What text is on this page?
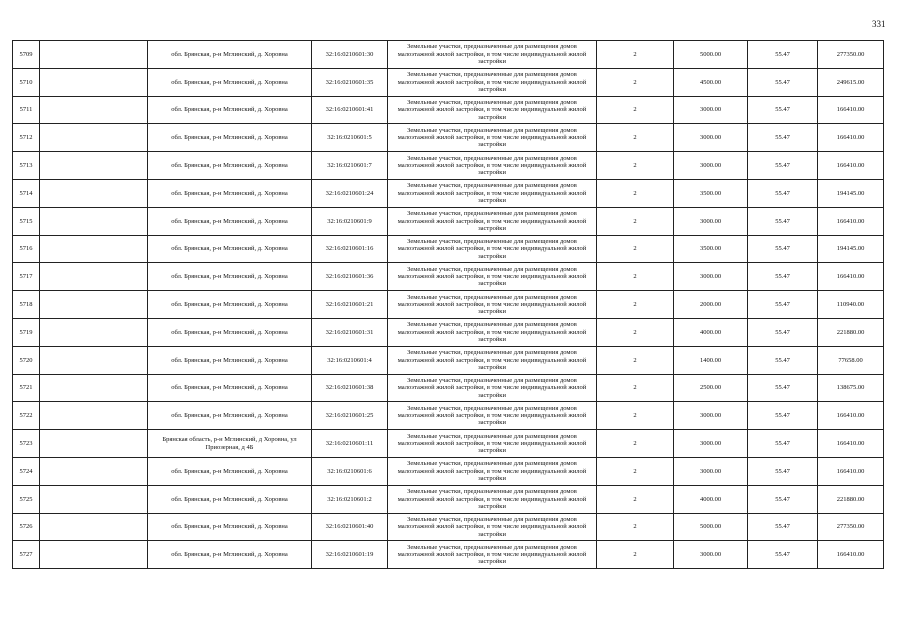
331
5709		обл. Брянская, р-н Мглинский, д. Хоровна	32:16:0210601:30	Земельные участки, предназначенные для размещения домов малоэтажной жилой застройки, в том числе индивидуальной жилой застройки	2	5000.00	55.47	277350.00
5710		обл. Брянская, р-н Мглинский, д. Хоровна	32:16:0210601:35	Земельные участки, предназначенные для размещения домов малоэтажной жилой застройки, в том числе индивидуальной жилой застройки	2	4500.00	55.47	249615.00
5711		обл. Брянская, р-н Мглинский, д. Хоровна	32:16:0210601:41	Земельные участки, предназначенные для размещения домов малоэтажной жилой застройки, в том числе индивидуальной жилой застройки	2	3000.00	55.47	166410.00
5712		обл. Брянская, р-н Мглинский, д. Хоровна	32:16:0210601:5	Земельные участки, предназначенные для размещения домов малоэтажной жилой застройки, в том числе индивидуальной жилой застройки	2	3000.00	55.47	166410.00
5713		обл. Брянская, р-н Мглинский, д. Хоровна	32:16:0210601:7	Земельные участки, предназначенные для размещения домов малоэтажной жилой застройки, в том числе индивидуальной жилой застройки	2	3000.00	55.47	166410.00
5714		обл. Брянская, р-н Мглинский, д. Хоровна	32:16:0210601:24	Земельные участки, предназначенные для размещения домов малоэтажной жилой застройки, в том числе индивидуальной жилой застройки	2	3500.00	55.47	194145.00
5715		обл. Брянская, р-н Мглинский, д. Хоровна	32:16:0210601:9	Земельные участки, предназначенные для размещения домов малоэтажной жилой застройки, в том числе индивидуальной жилой застройки	2	3000.00	55.47	166410.00
5716		обл. Брянская, р-н Мглинский, д. Хоровна	32:16:0210601:16	Земельные участки, предназначенные для размещения домов малоэтажной жилой застройки, в том числе индивидуальной жилой застройки	2	3500.00	55.47	194145.00
5717		обл. Брянская, р-н Мглинский, д. Хоровна	32:16:0210601:36	Земельные участки, предназначенные для размещения домов малоэтажной жилой застройки, в том числе индивидуальной жилой застройки	2	3000.00	55.47	166410.00
5718		обл. Брянская, р-н Мглинский, д. Хоровна	32:16:0210601:21	Земельные участки, предназначенные для размещения домов малоэтажной жилой застройки, в том числе индивидуальной жилой застройки	2	2000.00	55.47	110940.00
5719		обл. Брянская, р-н Мглинский, д. Хоровна	32:16:0210601:31	Земельные участки, предназначенные для размещения домов малоэтажной жилой застройки, в том числе индивидуальной жилой застройки	2	4000.00	55.47	221880.00
5720		обл. Брянская, р-н Мглинский, д. Хоровна	32:16:0210601:4	Земельные участки, предназначенные для размещения домов малоэтажной жилой застройки, в том числе индивидуальной жилой застройки	2	1400.00	55.47	77658.00
5721		обл. Брянская, р-н Мглинский, д. Хоровна	32:16:0210601:38	Земельные участки, предназначенные для размещения домов малоэтажной жилой застройки, в том числе индивидуальной жилой застройки	2	2500.00	55.47	138675.00
5722		обл. Брянская, р-н Мглинский, д. Хоровна	32:16:0210601:25	Земельные участки, предназначенные для размещения домов малоэтажной жилой застройки, в том числе индивидуальной жилой застройки	2	3000.00	55.47	166410.00
5723		Брянская область, р-н Мглинский, д Хоровна, ул Приозерная, д 4Б	32:16:0210601:11	Земельные участки, предназначенные для размещения домов малоэтажной жилой застройки, в том числе индивидуальной жилой застройки	2	3000.00	55.47	166410.00
5724		обл. Брянская, р-н Мглинский, д. Хоровна	32:16:0210601:6	Земельные участки, предназначенные для размещения домов малоэтажной жилой застройки, в том числе индивидуальной жилой застройки	2	3000.00	55.47	166410.00
5725		обл. Брянская, р-н Мглинский, д. Хоровна	32:16:0210601:2	Земельные участки, предназначенные для размещения домов малоэтажной жилой застройки, в том числе индивидуальной жилой застройки	2	4000.00	55.47	221880.00
5726		обл. Брянская, р-н Мглинский, д. Хоровна	32:16:0210601:40	Земельные участки, предназначенные для размещения домов малоэтажной жилой застройки, в том числе индивидуальной жилой застройки	2	5000.00	55.47	277350.00
5727		обл. Брянская, р-н Мглинский, д. Хоровна	32:16:0210601:19	Земельные участки, предназначенные для размещения домов малоэтажной жилой застройки, в том числе индивидуальной жилой застройки	2	3000.00	55.47	166410.00
